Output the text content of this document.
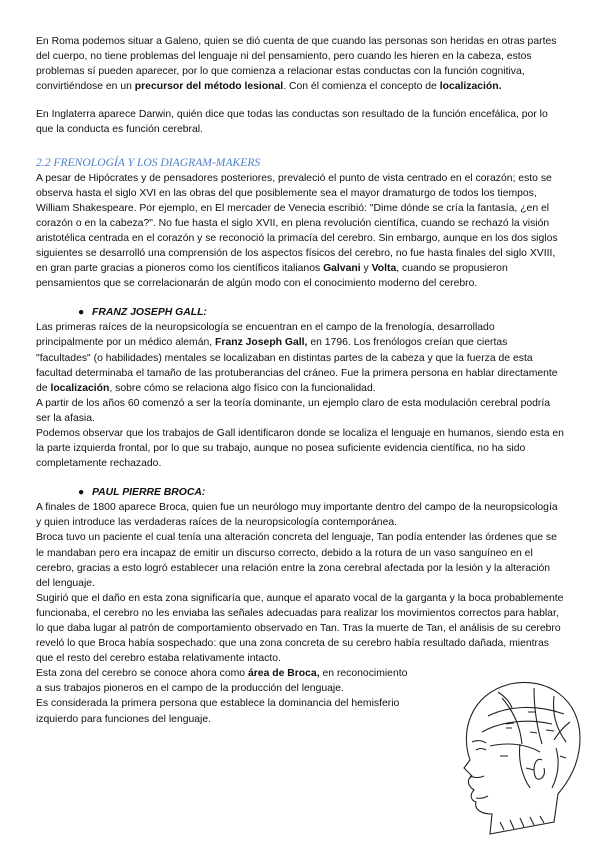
En Roma podemos situar a Galeno, quien se dió cuenta de que cuando las personas son heridas en otras partes del cuerpo, no tiene problemas del lenguaje ni del pensamiento, pero cuando les hieren en la cabeza, estos problemas sí pueden aparecer, por lo que comienza a relacionar estas conductas con la función cognitiva, convirtiéndose en un precursor del método lesional. Con él comienza el concepto de localización.

En Inglaterra aparece Darwin, quién dice que todas las conductas son resultado de la función encefálica, por lo que la conducta es función cerebral.

2.2 FRENOLOGÍA Y LOS DIAGRAM-MAKERS

A pesar de Hipócrates y de pensadores posteriores, prevaleció el punto de vista centrado en el corazón; esto se observa hasta el siglo XVI en las obras del que posiblemente sea el mayor dramaturgo de todos los tiempos, William Shakespeare. Por ejemplo, en El mercader de Venecia escribió: "Dime dónde se cría la fantasía, ¿en el corazón o en la cabeza?". No fue hasta el siglo XVII, en plena revolución científica, cuando se rechazó la visión aristotélica centrada en el corazón y se reconoció la primacía del cerebro. Sin embargo, aunque en los dos siglos siguientes se desarrolló una comprensión de los aspectos físicos del cerebro, no fue hasta finales del siglo XVIII, en gran parte gracias a pioneros como los científicos italianos Galvani y Volta, cuando se propusieron pensamientos que se correlacionarán de algún modo con el conocimiento moderno del cerebro.

● FRANZ JOSEPH GALL:

Las primeras raíces de la neuropsicología se encuentran en el campo de la frenología, desarrollado principalmente por un médico alemán, Franz Joseph Gall, en 1796. Los frenólogos creían que ciertas "facultades" (o habilidades) mentales se localizaban en distintas partes de la cabeza y que la fuerza de esta facultad determinaba el tamaño de las protuberancias del cráneo. Fue la primera persona en hablar directamente de localización, sobre cómo se relaciona algo físico con la funcionalidad.

A partir de los años 60 comenzó a ser la teoría dominante, un ejemplo claro de esta modulación cerebral podría ser la afasia.

Podemos observar que los trabajos de Gall identificaron donde se localiza el lenguaje en humanos, siendo esta en la parte izquierda frontal, por lo que su trabajo, aunque no posea suficiente evidencia científica, no ha sido completamente rechazado.

● PAUL PIERRE BROCA:

A finales de 1800 aparece Broca, quien fue un neurólogo muy importante dentro del campo de la neuropsicología y quien introduce las verdaderas raíces de la neuropsicología contemporánea.

Broca tuvo un paciente el cual tenía una alteración concreta del lenguaje, Tan podía entender las órdenes que se le mandaban pero era incapaz de emitir un discurso correcto, debido a la rotura de un vaso sanguíneo en el cerebro, gracias a esto logró establecer una relación entre la zona cerebral afectada por la lesión y la alteración del lenguaje.

Sugirió que el daño en esta zona significaría que, aunque el aparato vocal de la garganta y la boca probablemente funcionaba, el cerebro no les enviaba las señales adecuadas para realizar los movimientos correctos para hablar, lo que daba lugar al patrón de comportamiento observado en Tan. Tras la muerte de Tan, el análisis de su cerebro reveló lo que Broca había sospechado: que una zona concreta de su cerebro había resultado dañada, mientras que el resto del cerebro estaba relativamente intacto.

Esta zona del cerebro se conoce ahora como área de Broca, en reconocimiento a sus trabajos pioneros en el campo de la producción del lenguaje.

Es considerada la primera persona que establece la dominancia del hemisferio izquierdo para funciones del lenguaje.
